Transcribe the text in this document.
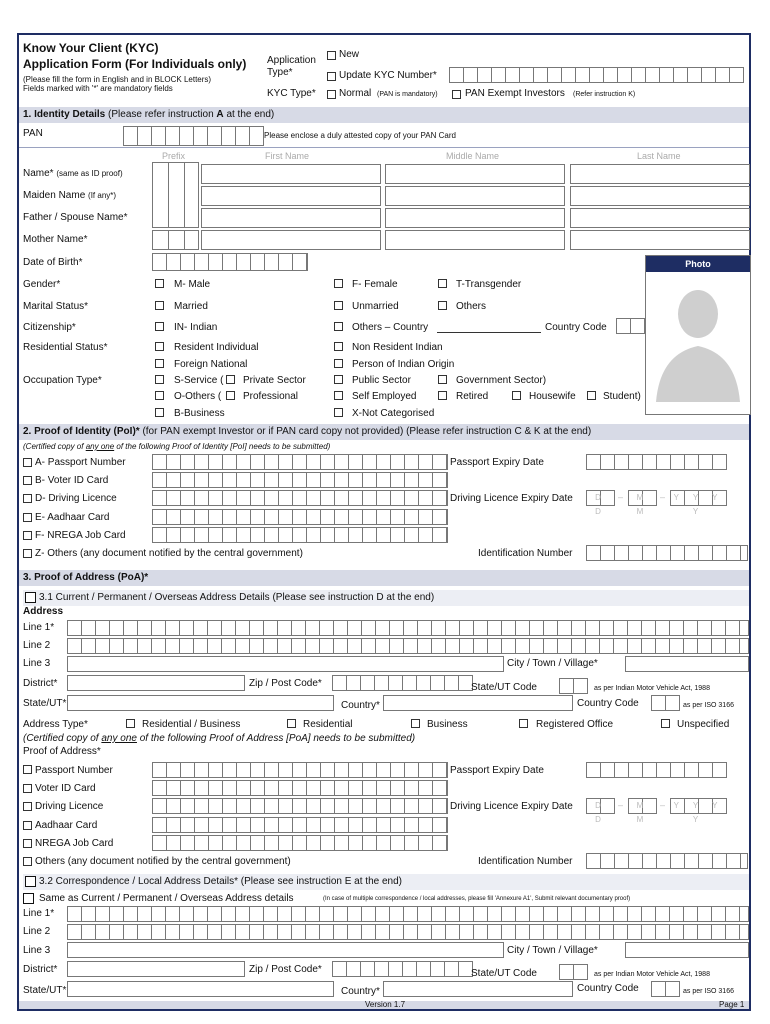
Know Your Client (KYC)
Application Form (For Individuals only)
(Please fill the form in English and in BLOCK Letters)
Fields marked with '*' are mandatory fields
Application
Type*
New
Update KYC Number*
KYC Type* Normal (PAN is mandatory)	PAN Exempt Investors (Refer instruction K)
1. Identity Details (Please refer instruction A at the end)
PAN	Please enclose a duly attested copy of your PAN Card
Prefix	First Name	Middle Name	Last Name
Name* (same as ID proof)
Maiden Name (If any*)
Father / Spouse Name*
Mother Name*
Date of Birth*	Photo
Gender*	M- Male	F- Female	T-Transgender
Marital Status*	Married	Unmarried	Others
Citizenship*	IN- Indian	Others – Country	Country Code
Residential Status*	Resident Individual	Non Resident Indian
Foreign National	Person of Indian Origin
Occupation Type*	S-Service ( Private Sector	Public Sector	Government Sector)
O-Others ( Professional	Self Employed	Retired	Housewife	Student)
B-Business	X-Not Categorised
2. Proof of Identity (PoI)* (for PAN exempt Investor or if PAN card copy not provided) (Please refer instruction C & K at the end)
(Certified copy of any one of the following Proof of Identity [PoI] needs to be submitted)
A- Passport Number	Passport Expiry Date
B- Voter ID Card
D- Driving Licence	Driving Licence Expiry Date	D D
–	M M
–	Y Y Y Y
E- Aadhaar Card
F- NREGA Job Card
Z- Others (any document notified by the central government)	Identification Number
3. Proof of Address (PoA)*
3.1 Current / Permanent / Overseas Address Details (Please see instruction D at the end)
Address
Line 1*
Line 2
Line 3	City / Town / Village*
District*	Zip / Post Code*	State/UT Code	as per Indian Motor Vehicle Act, 1988
State/UT*	Country*	Country Code	as per ISO 3166
Address Type*	Residential / Business	Residential	Business	Registered Office	Unspecified
(Certified copy of any one of the following Proof of Address [PoA] needs to be submitted)
Proof of Address*
Passport Number	Passport Expiry Date
Voter ID Card
Driving Licence	Driving Licence Expiry Date	D D
–	M M
–	Y Y Y Y
Aadhaar Card
NREGA Job Card
Others (any document notified by the central government)	Identification Number
3.2 Correspondence / Local Address Details* (Please see instruction E at the end)
Same as Current / Permanent / Overseas Address details	(In case of multiple correspondence / local addresses, please fill 'Annexure A1', Submit relevant documentary proof)
Line 1*
Line 2
Line 3	City / Town / Village*
District*	Zip / Post Code*	State/UT Code	as per Indian Motor Vehicle Act, 1988
State/UT*	Country*	Country Code	as per ISO 3166
Version 1.7	Page 1
